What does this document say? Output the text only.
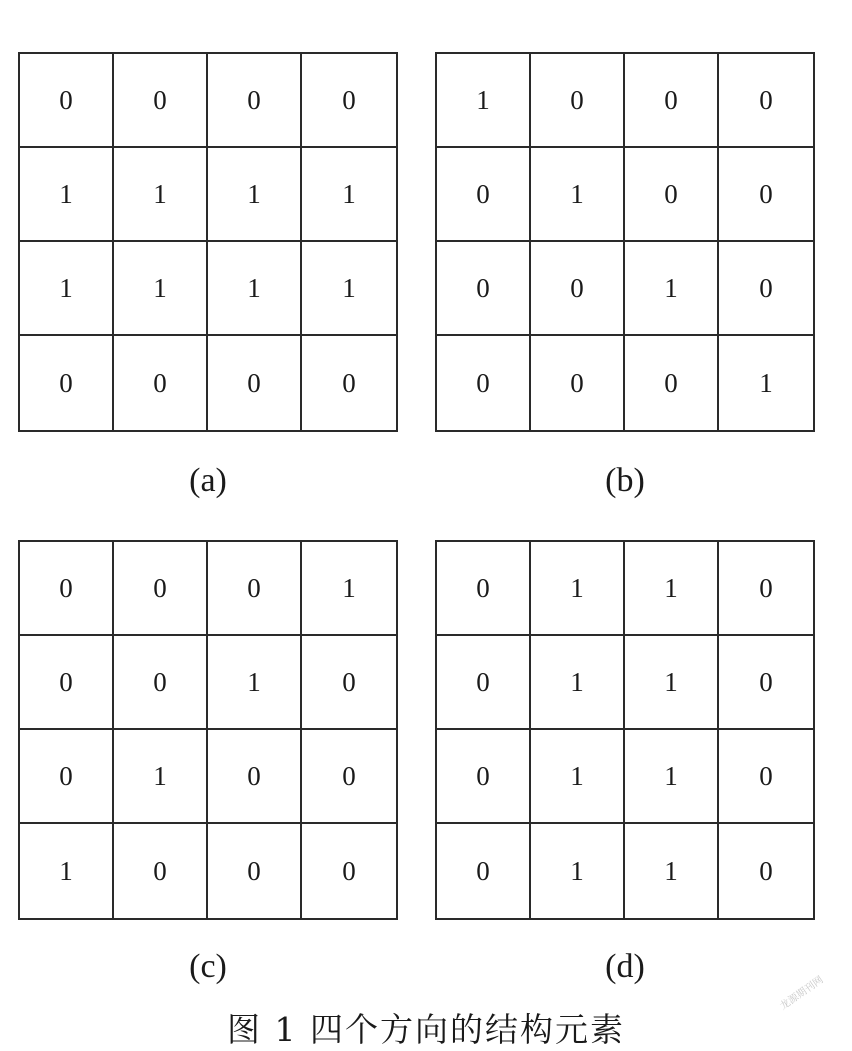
0	0	0	0
1	1	1	1
1	1	1	1
0	0	0	0
(a)
1	0	0	0
0	1	0	0
0	0	1	0
0	0	0	1
(b)
0	0	0	1
0	0	1	0
0	1	0	0
1	0	0	0
(c)
0	1	1	0
0	1	1	0
0	1	1	0
0	1	1	0
(d)
图 1 四个方向的结构元素
龙源期刊网
